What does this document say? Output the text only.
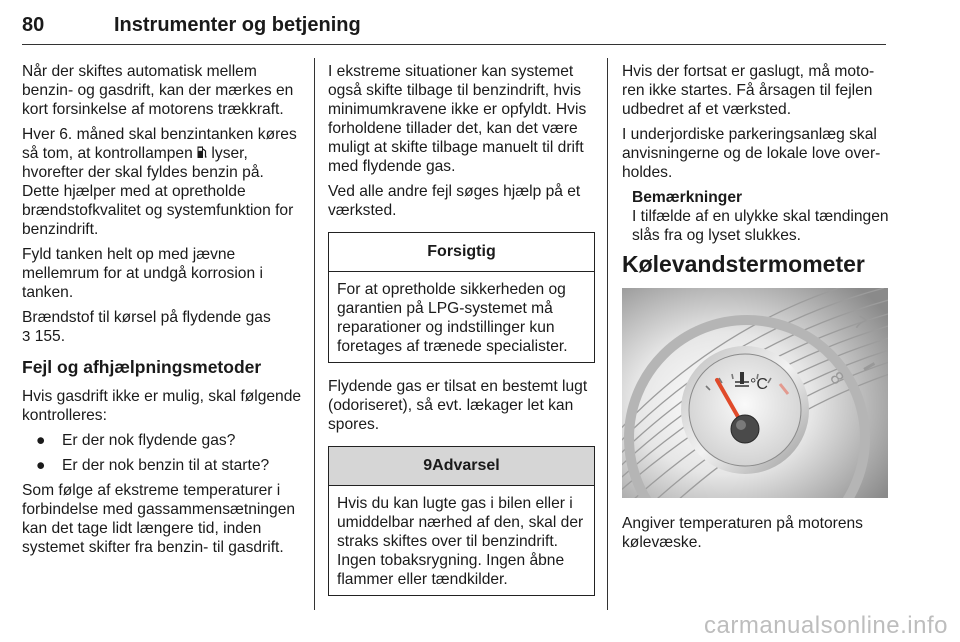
80	Instrumenter og betjening

Når der skiftes automatisk mellem benzin- og gasdrift, kan der mærkes en kort forsinkelse af motorens trækkraft.

Hver 6. måned skal benzintanken køres så tom, at kontrollampen  lyser, hvorefter der skal fyldes benzin på. Dette hjælper med at opretholde brændstofkvalitet og systemfunktion for benzindrift.

Fyld tanken helt op med jævne mellemrum for at undgå korrosion i tanken.

Brændstof til kørsel på flydende gas
3 155.

Fejl og afhjælpningsmetoder

Hvis gasdrift ikke er mulig, skal følgende kontrolleres:

● Er der nok flydende gas?
● Er der nok benzin til at starte?

Som følge af ekstreme temperaturer i forbindelse med gassammensætningen kan det tage lidt længere tid, inden systemet skifter fra benzin- til gasdrift.

I ekstreme situationer kan systemet også skifte tilbage til benzindrift, hvis minimumkravene ikke er opfyldt. Hvis forholdene tillader det, kan det være muligt at skifte tilbage manuelt til drift med flydende gas.

Ved alle andre fejl søges hjælp på et værksted.

Forsigtig
For at opretholde sikkerheden og garantien på LPG-systemet må reparationer og indstillinger kun foretages af trænede specialister.

Flydende gas er tilsat en bestemt lugt (odoriseret), så evt. lækager let kan spores.

9Advarsel
Hvis du kan lugte gas i bilen eller i umiddelbar nærhed af den, skal der straks skiftes over til benzindrift. Ingen tobaksrygning. Ingen åbne flammer eller tændkilder.

Hvis der fortsat er gaslugt, må motoren ikke startes. Få årsagen til fejlen udbedret af et værksted.

I underjordiske parkeringsanlæg skal anvisningerne og de lokale love overholdes.

Bemærkninger
I tilfælde af en ulykke skal tændingen slås fra og lyset slukkes.
Kølevandstermometer
7
8
°C

Angiver temperaturen på motorens kølevæske.

carmanualsonline.info
